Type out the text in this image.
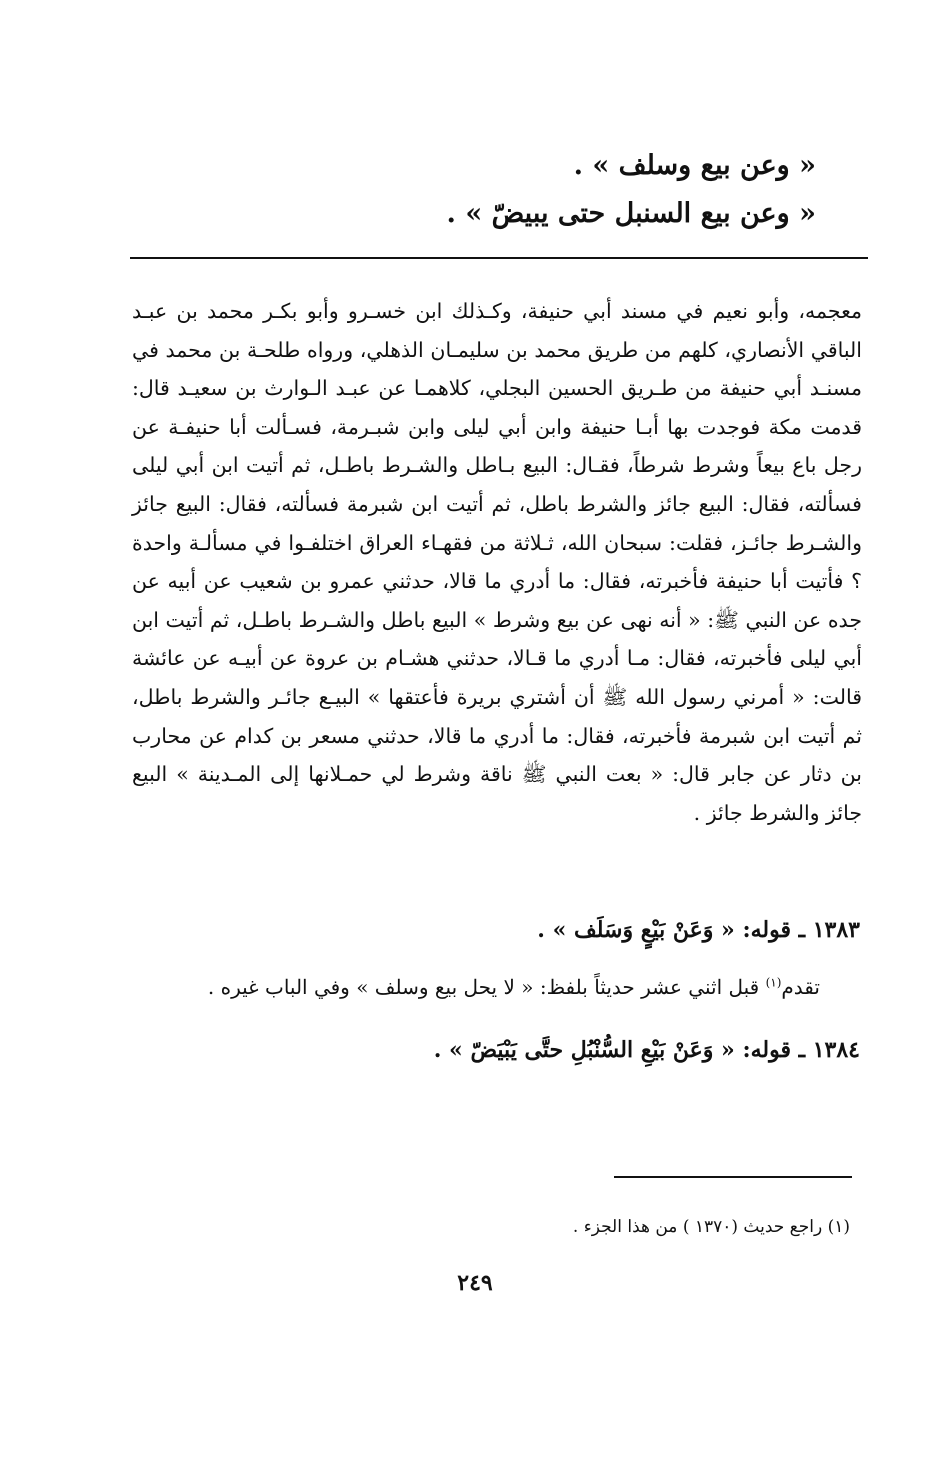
« وعن بيع وسلف » .
« وعن بيع السنبل حتى يبيضّ » .
معجمه، وأبو نعيم في مسند أبي حنيفة، وكـذلك ابن خسـرو وأبو بكـر محمد بن عبـد الباقي الأنصاري، كلهم من طريق محمد بن سليمـان الذهلي، ورواه طلحـة بن محمد في مسنـد أبي حنيفة من طـريق الحسين البجلي، كلاهمـا عن عبـد الـوارث بن سعيـد قال: قدمت مكة فوجدت بها أبـا حنيفة وابن أبي ليلى وابن شبـرمة، فسـألت أبا حنيفـة عن رجل باع بيعاً وشرط شرطاً، فقـال: البيع بـاطل والشـرط باطـل، ثم أتيت ابن أبي ليلى فسألته، فقال: البيع جائز والشرط باطل، ثم أتيت ابن شبرمة فسألته، فقال: البيع جائز والشـرط جائـز، فقلت: سبحان الله، ثـلاثة من فقهـاء العراق اختلفـوا في مسألـة واحدة ؟ فأتيت أبا حنيفة فأخبرته، فقال: ما أدري ما قالا، حدثني عمرو بن شعيب عن أبيه عن جده عن النبي ﷺ: « أنه نهى عن بيع وشرط » البيع باطل والشـرط باطـل، ثم أتيت ابن أبي ليلى فأخبرته، فقال: مـا أدري ما قـالا، حدثني هشـام بن عروة عن أبيـه عن عائشة قالت: « أمرني رسول الله ﷺ أن أشتري بريرة فأعتقها » البيـع جائـر والشرط باطل، ثم أتيت ابن شبرمة فأخبرته، فقال: ما أدري ما قالا، حدثني مسعر بن كدام عن محارب بن دثار عن جابر قال: « بعت النبي ﷺ ناقة وشرط لي حمـلانها إلى المـدينة » البيع جائز والشرط جائز .
١٣٨٣ ـ قوله: « وَعَنْ بَيْعٍ وَسَلَف » .
تقدم$^{(١)}$ قبل اثني عشر حديثاً بلفظ: « لا يحل بيع وسلف » وفي الباب غيره .
١٣٨٤ ـ قوله: « وَعَنْ بَيْعِ السُّنْبُلِ حتَّى يَبْيَضّ » .
(١) راجع حديث (١٣٧٠ ) من هذا الجزء .
٢٤٩
